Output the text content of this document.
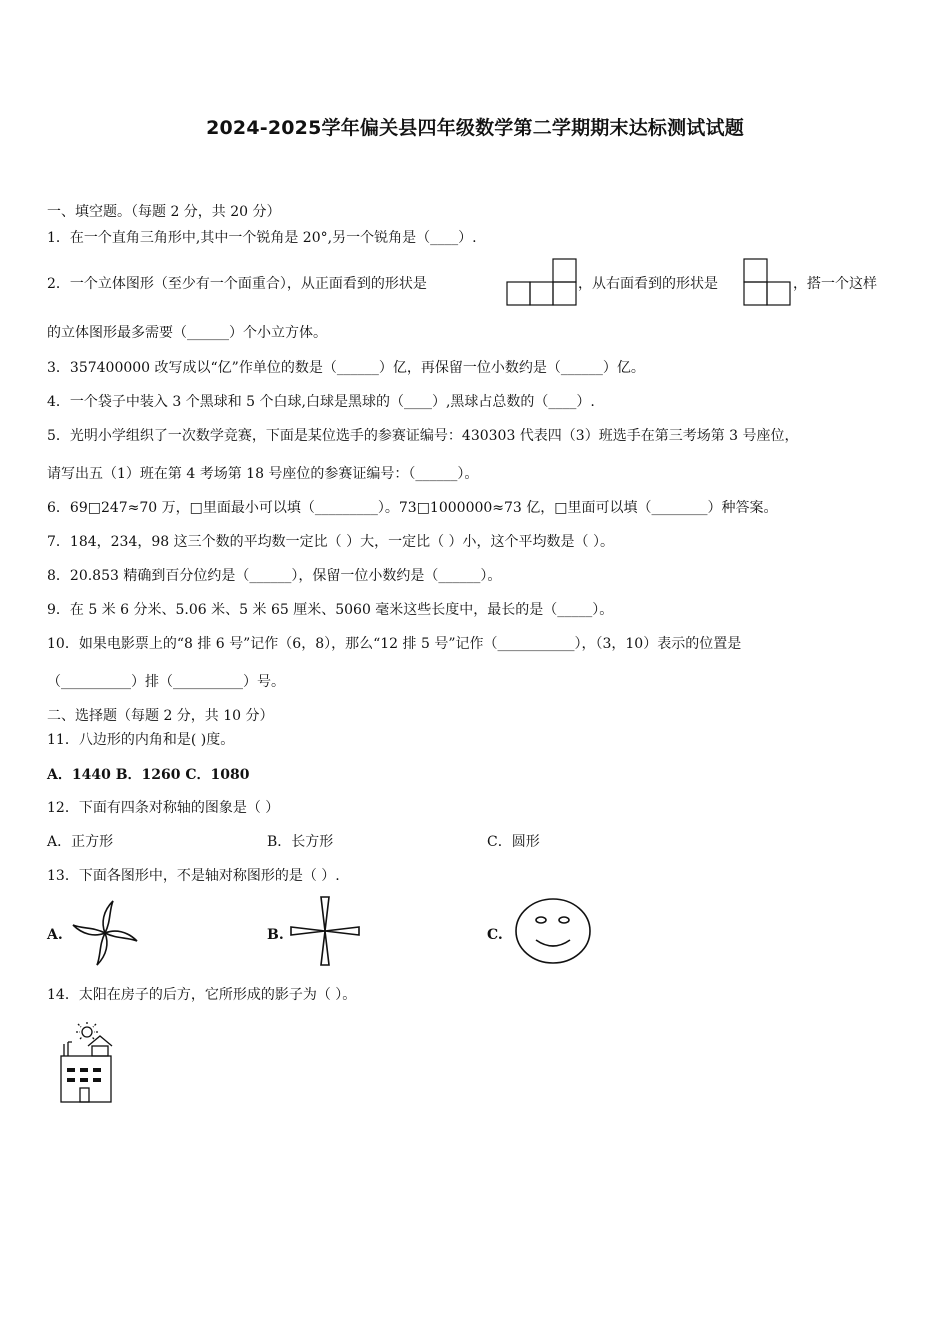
2024-2025学年偏关县四年级数学第二学期期末达标测试试题
一、填空题。（每题 2 分，共 20 分）
1．在一个直角三角形中,其中一个锐角是 20°,另一个锐角是（____）.
2．一个立体图形（至少有一个面重合），从正面看到的形状是	，从右面看到的形状是	，搭一个这样
的立体图形最多需要（______）个小立方体。
3．357400000 改写成以“亿”作单位的数是（______）亿，再保留一位小数约是（______）亿。
4．一个袋子中装入 3 个黑球和 5 个白球,白球是黑球的（____）,黑球占总数的（____）.
5．光明小学组织了一次数学竞赛，下面是某位选手的参赛证编号：430303 代表四（3）班选手在第三考场第 3 号座位，
请写出五（1）班在第 4 考场第 18 号座位的参赛证编号：（______）。
6．69□247≈70 万，□里面最小可以填（_________）。73□1000000≈73 亿，□里面可以填（________）种答案。
7．184，234，98 这三个数的平均数一定比（ ）大，一定比（ ）小，这个平均数是（ ）。
8．20.853 精确到百分位约是（______），保留一位小数约是（______）。
9．在 5 米 6 分米、5.06 米、5 米 65 厘米、5060 毫米这些长度中，最长的是（_____）。
10．如果电影票上的“8 排 6 号”记作（6，8），那么“12 排 5 号”记作（___________），（3，10）表示的位置是
（__________）排（__________）号。
二、选择题（每题 2 分，共 10 分）
11．八边形的内角和是( )度。
A．1440 B．1260 C．1080
12．下面有四条对称轴的图象是（ ）
A．正方形	B．长方形	C．圆形
13．下面各图形中，不是轴对称图形的是（ ）.
A.	B.	C.
14．太阳在房子的后方，它所形成的影子为（ ）。
